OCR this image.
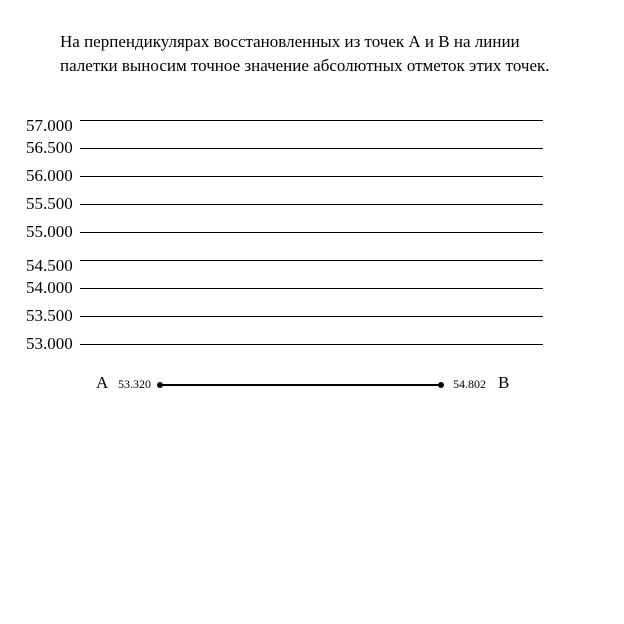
На перпендикулярах восстановленных из точек А и В на линии
палетки выносим точное значение абсолютных отметок этих точек.
57.000
56.500
56.000
55.500
55.000
54.500
54.000
53.500
53.000
А 53.320	54.802 В
